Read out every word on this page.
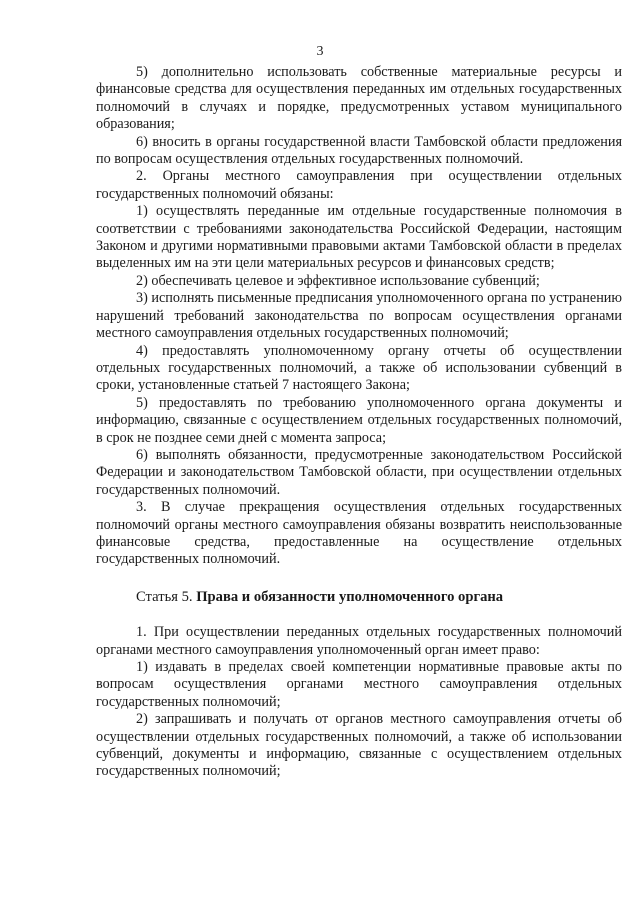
3

5) дополнительно использовать собственные материальные ресурсы и финансовые средства для осуществления переданных им отдельных государственных полномочий в случаях и порядке, предусмотренных уставом муниципального образования;

6) вносить в органы государственной власти Тамбовской области предложения по вопросам осуществления отдельных государственных полномочий.

2. Органы местного самоуправления при осуществлении отдельных государственных полномочий обязаны:

1) осуществлять переданные им отдельные государственные полномочия в соответствии с требованиями законодательства Российской Федерации, настоящим Законом и другими нормативными правовыми актами Тамбовской области в пределах выделенных им на эти цели материальных ресурсов и финансовых средств;

2) обеспечивать целевое и эффективное использование субвенций;

3) исполнять письменные предписания уполномоченного органа по устранению нарушений требований законодательства по вопросам осуществления органами местного самоуправления отдельных государственных полномочий;

4) предоставлять уполномоченному органу отчеты об осуществлении отдельных государственных полномочий, а также об использовании субвенций в сроки, установленные статьей 7 настоящего Закона;

5) предоставлять по требованию уполномоченного органа документы и информацию, связанные с осуществлением отдельных государственных полномочий, в срок не позднее семи дней с момента запроса;

6) выполнять обязанности, предусмотренные законодательством Российской Федерации и законодательством Тамбовской области, при осуществлении отдельных государственных полномочий.

3. В случае прекращения осуществления отдельных государственных полномочий органы местного самоуправления обязаны возвратить неиспользованные финансовые средства, предоставленные на осуществление отдельных государственных полномочий.

Статья 5. Права и обязанности уполномоченного органа

1. При осуществлении переданных отдельных государственных полномочий органами местного самоуправления уполномоченный орган имеет право:

1) издавать в пределах своей компетенции нормативные правовые акты по вопросам осуществления органами местного самоуправления отдельных государственных полномочий;

2) запрашивать и получать от органов местного самоуправления отчеты об осуществлении отдельных государственных полномочий, а также об использовании субвенций, документы и информацию, связанные с осуществлением отдельных государственных полномочий;
